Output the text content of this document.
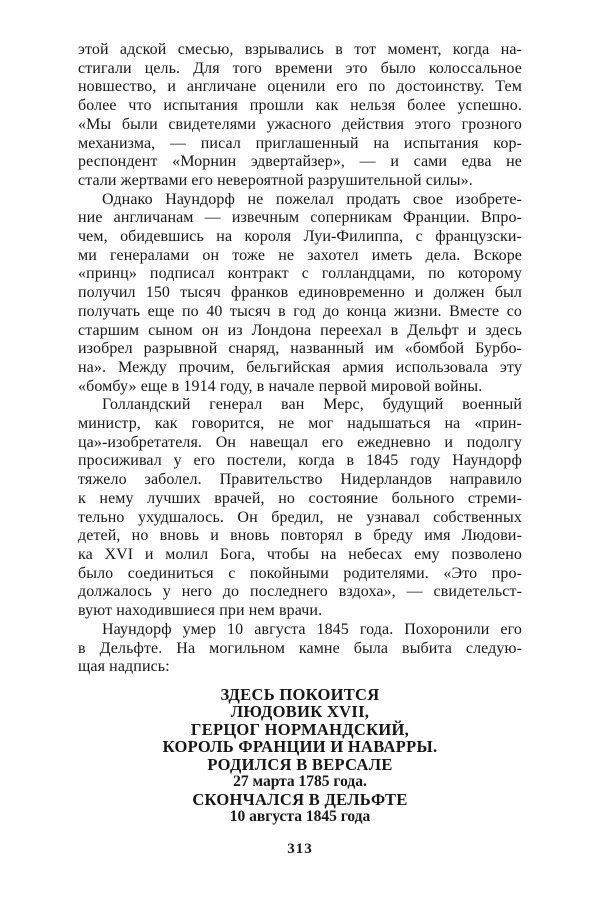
этой адской смесью, взрывались в тот момент, когда на-
стигали цель. Для того времени это было колоссальное
новшество, и англичане оценили его по достоинству. Тем
более что испытания прошли как нельзя более успешно.
«Мы были свидетелями ужасного действия этого грозного
механизма, — писал приглашенный на испытания кор-
респондент «Морнин эдвертайзер», — и сами едва не
стали жертвами его невероятной разрушительной силы».
Однако Наундорф не пожелал продать свое изобрете-
ние англичанам — извечным соперникам Франции. Впро-
чем, обидевшись на короля Луи-Филиппа, с французски-
ми генералами он тоже не захотел иметь дела. Вскоре
«принц» подписал контракт с голландцами, по которому
получил 150 тысяч франков единовременно и должен был
получать еще по 40 тысяч в год до конца жизни. Вместе со
старшим сыном он из Лондона переехал в Дельфт и здесь
изобрел разрывной снаряд, названный им «бомбой Бурбо-
на». Между прочим, бельгийская армия использовала эту
«бомбу» еще в 1914 году, в начале первой мировой войны.
Голландский генерал ван Мерс, будущий военный
министр, как говорится, не мог надышаться на «прин-
ца»-изобретателя. Он навещал его ежедневно и подолгу
просиживал у его постели, когда в 1845 году Наундорф
тяжело заболел. Правительство Нидерландов направило
к нему лучших врачей, но состояние больного стреми-
тельно ухудшалось. Он бредил, не узнавал собственных
детей, но вновь и вновь повторял в бреду имя Людови-
ка XVI и молил Бога, чтобы на небесах ему позволено
было соединиться с покойными родителями. «Это про-
должалось у него до последнего вздоха», — свидетельст-
вуют находившиеся при нем врачи.
Наундорф умер 10 августа 1845 года. Похоронили его
в Дельфте. На могильном камне была выбита следую-
щая надпись:
ЗДЕСЬ ПОКОИТСЯ
ЛЮДОВИК XVII,
ГЕРЦОГ НОРМАНДСКИЙ,
КОРОЛЬ ФРАНЦИИ И НАВАРРЫ.
РОДИЛСЯ В ВЕРСАЛЕ
27 марта 1785 года.
СКОНЧАЛСЯ В ДЕЛЬФТЕ
10 августа 1845 года
313
